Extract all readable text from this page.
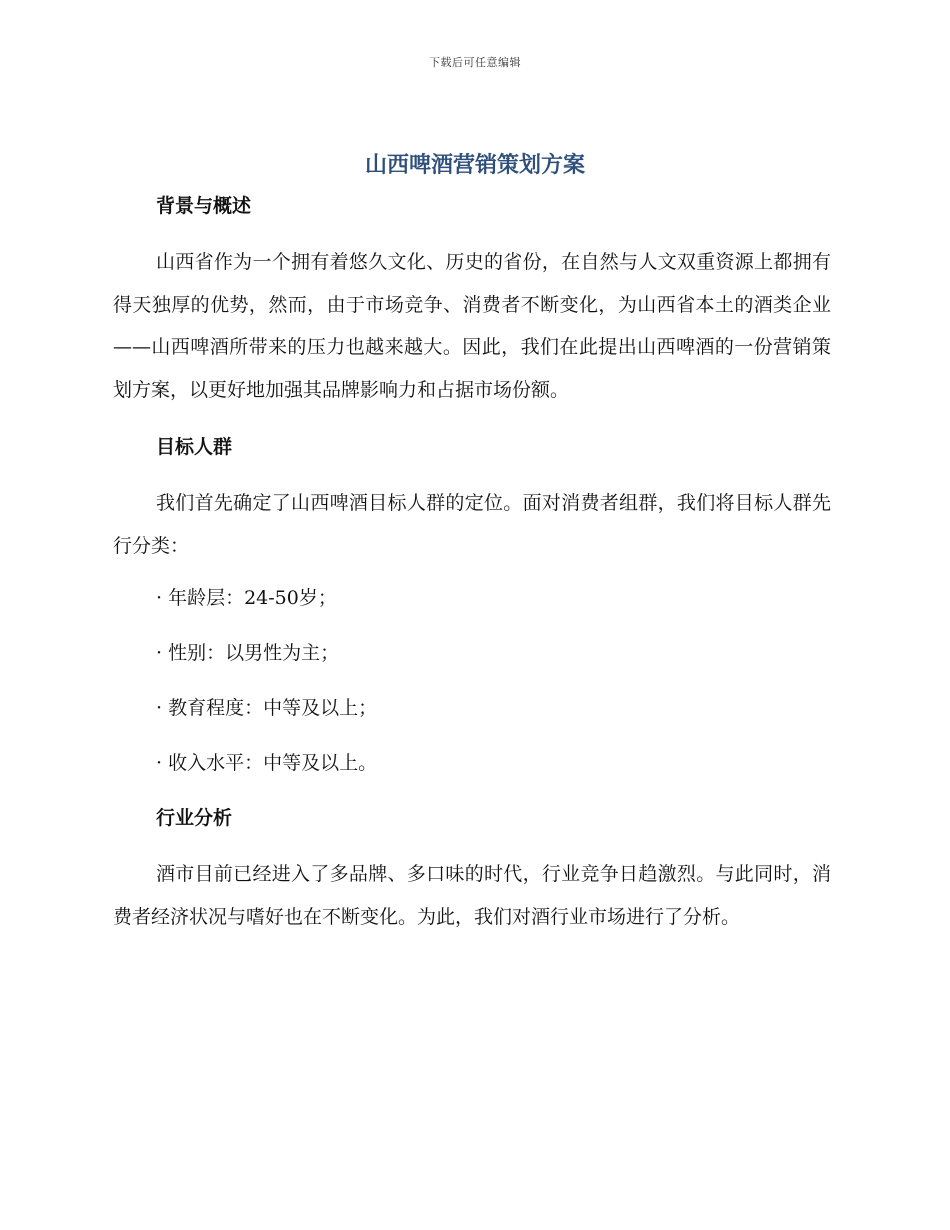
下载后可任意编辑
山西啤酒营销策划方案
背景与概述

山西省作为一个拥有着悠久文化、历史的省份，在自然与人文双重资源上都拥有得天独厚的优势，然而，由于市场竞争、消费者不断变化，为山西省本土的酒类企业——山西啤酒所带来的压力也越来越大。因此，我们在此提出山西啤酒的一份营销策划方案，以更好地加强其品牌影响力和占据市场份额。

目标人群

我们首先确定了山西啤酒目标人群的定位。面对消费者组群，我们将目标人群先行分类：

· 年龄层：24-50岁；
· 性别：以男性为主；
· 教育程度：中等及以上；
· 收入水平：中等及以上。
行业分析

酒市目前已经进入了多品牌、多口味的时代，行业竞争日趋激烈。与此同时，消费者经济状况与嗜好也在不断变化。为此，我们对酒行业市场进行了分析。
